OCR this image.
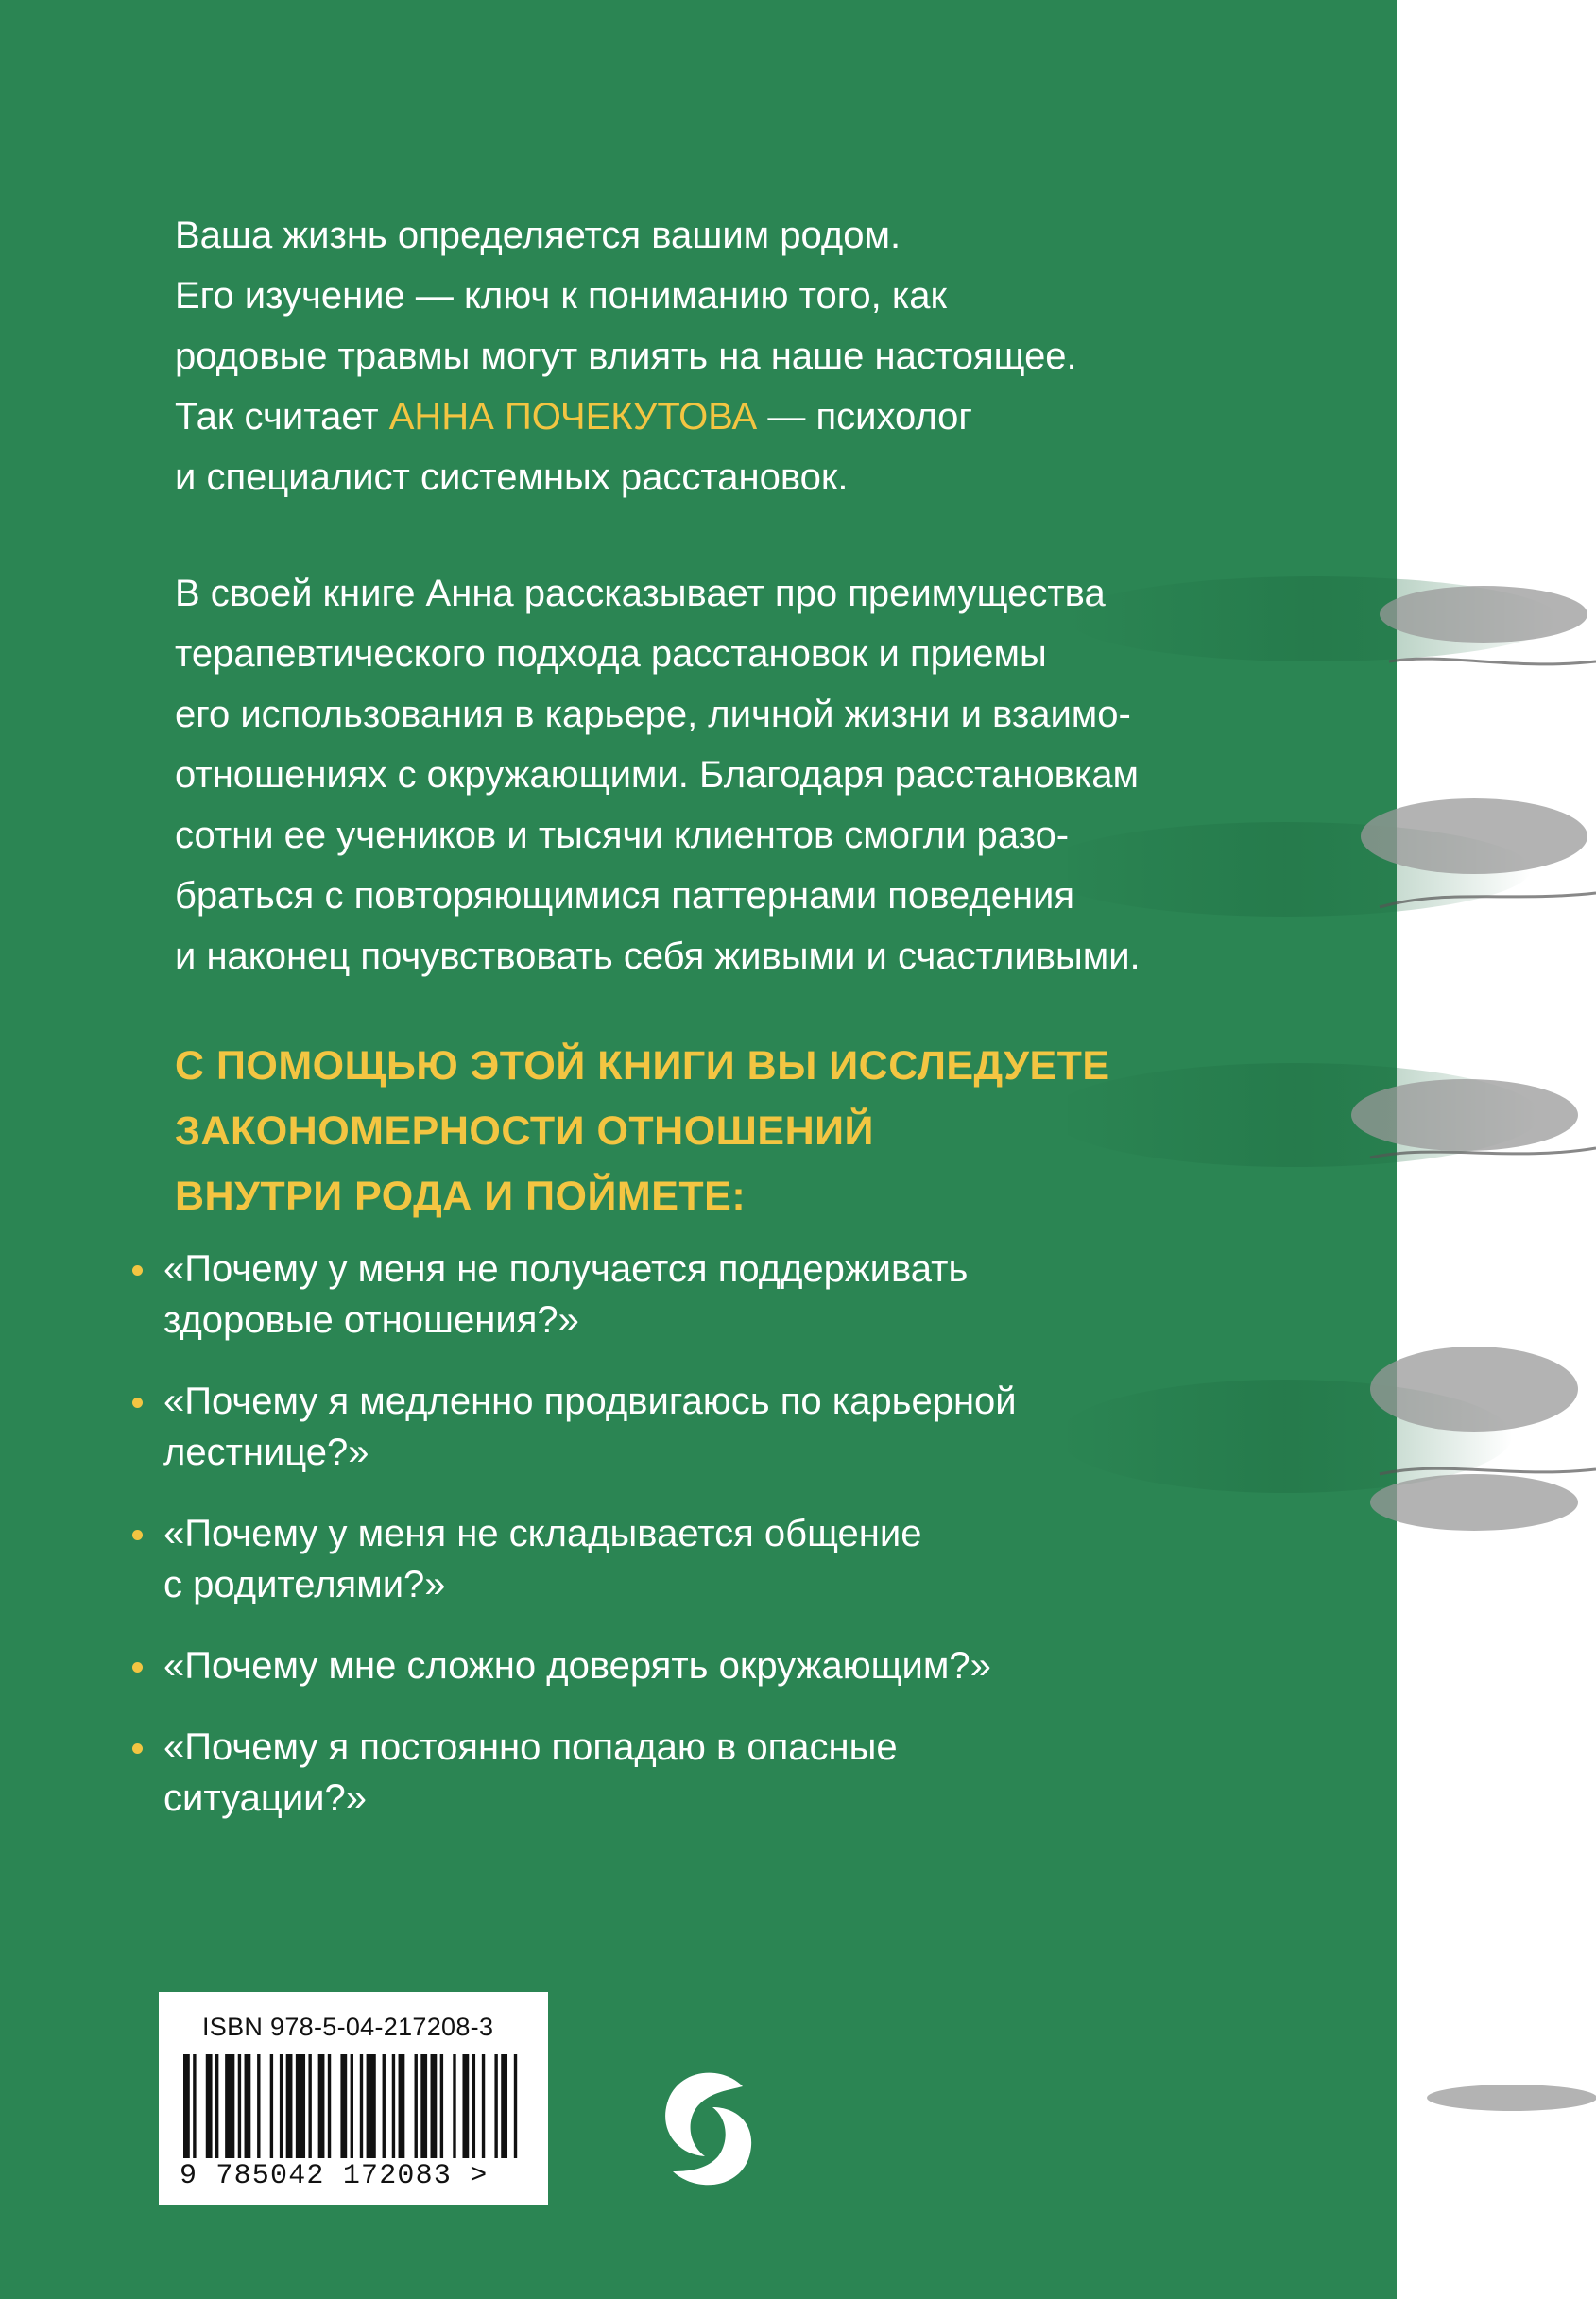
Ваша жизнь определяется вашим родом.
Его изучение — ключ к пониманию того, как
родовые травмы могут влиять на наше настоящее.
Так считает АННА ПОЧЕКУТОВА — психолог
и специалист системных расстановок.
В своей книге Анна рассказывает про преимущества
терапевтического подхода расстановок и приемы
его использования в карьере, личной жизни и взаимо-
отношениях с окружающими. Благодаря расстановкам
сотни ее учеников и тысячи клиентов смогли разо-
браться с повторяющимися паттернами поведения
и наконец почувствовать себя живыми и счастливыми.
С ПОМОЩЬЮ ЭТОЙ КНИГИ ВЫ ИССЛЕДУЕТЕ
ЗАКОНОМЕРНОСТИ ОТНОШЕНИЙ
ВНУТРИ РОДА И ПОЙМЕТЕ:
«Почему у меня не получается поддерживать
здоровые отношения?»
«Почему я медленно продвигаюсь по карьерной
лестнице?»
«Почему у меня не складывается общение
с родителями?»
«Почему мне сложно доверять окружающим?»
«Почему я постоянно попадаю в опасные
ситуации?»
ISBN 978-5-04-217208-3
9 785042 172083 >
